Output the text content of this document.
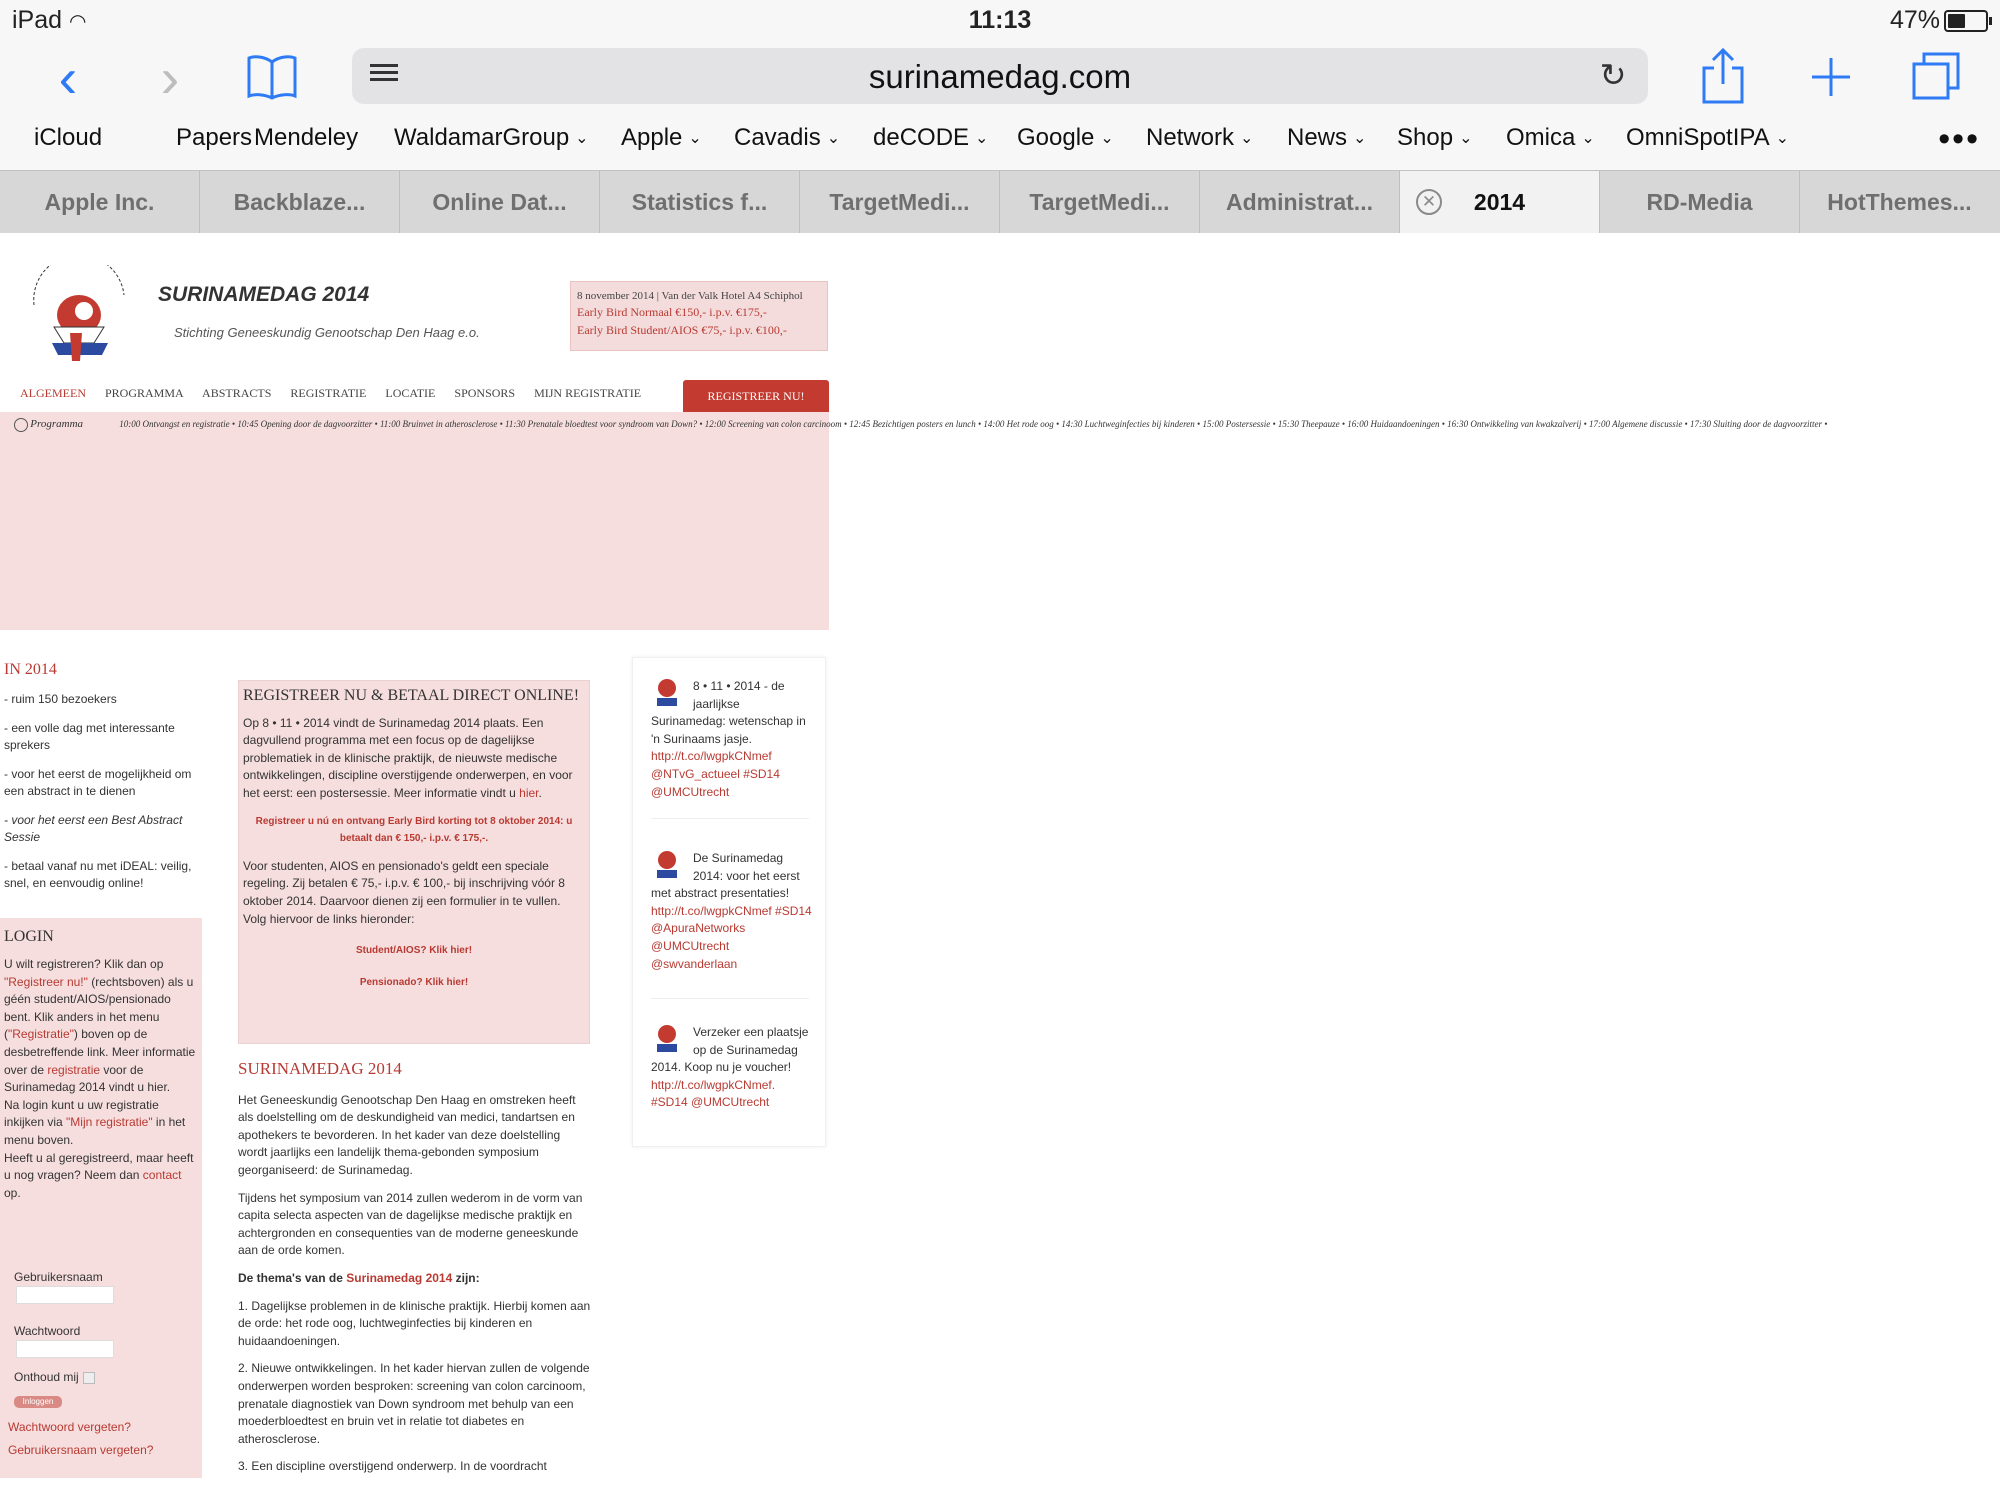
iPad ◠	11:13	47%
‹	›	surinamedag.com	↻
iCloud	Papers Mendeley WaldamarGroup ⌄ Apple ⌄ Cavadis ⌄ deCODE ⌄ Google ⌄ Network ⌄ News ⌄ Shop ⌄ Omica ⌄ OmniSpotIPA ⌄	•••
Apple Inc.	Backblaze...	Online Dat...	Statistics f...	TargetMedi...	TargetMedi...	Administrat...	✕ 2014	RD-Media	HotThemes...
SURINAMEDAG 2014
Stichting Geneeskundig Genootschap Den Haag e.o.
8 november 2014 | Van der Valk Hotel A4 Schiphol
Early Bird Normaal €150,- i.p.v. €175,-
Early Bird Student/AIOS €75,- i.p.v. €100,-
ALGEMEEN PROGRAMMA ABSTRACTS REGISTRATIE LOCATIE SPONSORS MIJN REGISTRATIE	REGISTREER NU!
Programma	10:00 Ontvangst en registratie • 10:45 Opening door de dagvoorzitter • 11:00 Bruinvet in atherosclerose • 11:30 Prenatale bloedtest voor syndroom van Down? • 12:00 Screening van colon carcinoom • 12:45 Bezichtigen posters en lunch • 14:00 Het rode oog • 14:30 Luchtweginfecties bij kinderen • 15:00 Postersessie • 15:30 Theepauze • 16:00 Huidaandoeningen • 16:30 Ontwikkeling van kwakzalverij • 17:00 Algemene discussie • 17:30 Sluiting door de dagvoorzitter •
IN 2014

- ruim 150 bezoekers

- een volle dag met interessante sprekers

- voor het eerst de mogelijkheid om een abstract in te dienen

- voor het eerst een Best Abstract Sessie

- betaal vanaf nu met iDEAL: veilig, snel, en eenvoudig online!

LOGIN
U wilt registreren? Klik dan op "Registreer nu!" (rechtsboven) als u géén student/AIOS/pensionado bent. Klik anders in het menu ("Registratie") boven op de desbetreffende link. Meer informatie over de registratie voor de Surinamedag 2014 vindt u hier.
Na login kunt u uw registratie inkijken via "Mijn registratie" in het menu boven.
Heeft u al geregistreerd, maar heeft u nog vragen? Neem dan contact op.
Gebruikersnaam
Wachtwoord
Onthoud mij
Inloggen
Wachtwoord vergeten?
Gebruikersnaam vergeten?
REGISTREER NU & BETAAL DIRECT ONLINE!

Op 8 • 11 • 2014 vindt de Surinamedag 2014 plaats. Een dagvullend programma met een focus op de dagelijkse problematiek in de klinische praktijk, de nieuwste medische ontwikkelingen, discipline overstijgende onderwerpen, en voor het eerst: een postersessie. Meer informatie vindt u hier.

Registreer u nú en ontvang Early Bird korting tot 8 oktober 2014: u betaalt dan € 150,- i.p.v. € 175,-.

Voor studenten, AIOS en pensionado's geldt een speciale regeling. Zij betalen € 75,- i.p.v. € 100,- bij inschrijving vóór 8 oktober 2014. Daarvoor dienen zij een formulier in te vullen. Volg hiervoor de links hieronder:

Student/AIOS? Klik hier!

Pensionado? Klik hier!

SURINAMEDAG 2014

Het Geneeskundig Genootschap Den Haag en omstreken heeft als doelstelling om de deskundigheid van medici, tandartsen en apothekers te bevorderen. In het kader van deze doelstelling wordt jaarlijks een landelijk thema-gebonden symposium georganiseerd: de Surinamedag.

Tijdens het symposium van 2014 zullen wederom in de vorm van capita selecta aspecten van de dagelijkse medische praktijk en achtergronden en consequenties van de moderne geneeskunde aan de orde komen.

De thema's van de Surinamedag 2014 zijn:

1. Dagelijkse problemen in de klinische praktijk. Hierbij komen aan de orde: het rode oog, luchtweginfecties bij kinderen en huidaandoeningen.

2. Nieuwe ontwikkelingen. In het kader hiervan zullen de volgende onderwerpen worden besproken: screening van colon carcinoom, prenatale diagnostiek van Down syndroom met behulp van een moederbloedtest en bruin vet in relatie tot diabetes en atherosclerose.

3. Een discipline overstijgend onderwerp. In de voordracht

8 • 11 • 2014 - de jaarlijkse Surinamedag: wetenschap in 'n Surinaams jasje. http://t.co/lwgpkCNmef @NTvG_actueel #SD14 @UMCUtrecht
De Surinamedag 2014: voor het eerst met abstract presentaties! http://t.co/lwgpkCNmef #SD14 @ApuraNetworks @UMCUtrecht @swvanderlaan
Verzeker een plaatsje op de Surinamedag 2014. Koop nu je voucher! http://t.co/lwgpkCNmef. #SD14 @UMCUtrecht
